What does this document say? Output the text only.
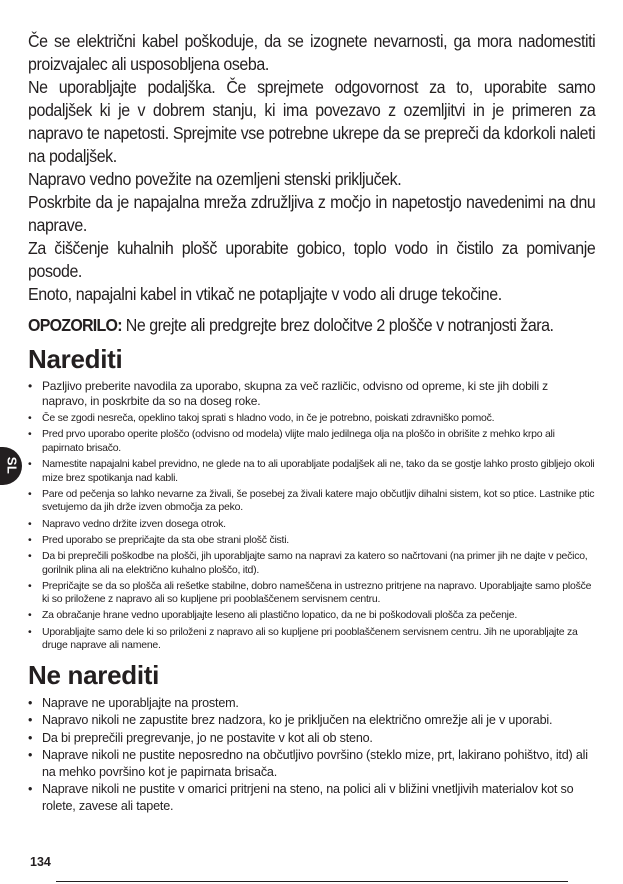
SL

Če se električni kabel poškoduje, da se izognete nevarnosti, ga mora nadomestiti proizvajalec ali usposobljena oseba.

Ne uporabljajte podaljška. Če sprejmete odgovornost za to, uporabite samo podaljšek ki je v dobrem stanju, ki ima povezavo z ozemljitvi in je primeren za napravo te napetosti. Sprejmite vse potrebne ukrepe da se prepreči da kdorkoli naleti na podaljšek.

Napravo vedno povežite na ozemljeni stenski priključek.

Poskrbite da je napajalna mreža združljiva z močjo in napetostjo navedenimi na dnu naprave.

Za čiščenje kuhalnih plošč uporabite gobico, toplo vodo in čistilo za pomivanje posode.

Enoto, napajalni kabel in vtikač ne potapljajte v vodo ali druge tekočine.

OPOZORILO: Ne grejte ali predgrejte brez določitve 2 plošče v notranjosti žara.
Narediti
• Pazljivo preberite navodila za uporabo, skupna za več različic, odvisno od opreme, ki ste jih dobili z napravo, in poskrbite da so na doseg roke.
• Če se zgodi nesreča, opeklino takoj sprati s hladno vodo, in če je potrebno, poiskati zdravniško pomoč.
• Pred prvo uporabo operite ploščo (odvisno od modela) vlijte malo jedilnega olja na ploščo in obrišite z mehko krpo ali papirnato brisačo.
• Namestite napajalni kabel previdno, ne glede na to ali uporabljate podaljšek ali ne, tako da se gostje lahko prosto gibljejo okoli mize brez spotikanja nad kabli.
• Pare od pečenja so lahko nevarne za živali, še posebej za živali katere majo občutljiv dihalni sistem, kot so ptice. Lastnike ptic svetujemo da jih drže izven območja za peko.
• Napravo vedno držite izven dosega otrok.
• Pred uporabo se prepričajte da sta obe strani plošč čisti.
• Da bi preprečili poškodbe na plošči, jih uporabljajte samo na napravi za katero so načrtovani (na primer jih ne dajte v pečico, gorilnik plina ali na električno kuhalno ploščo, itd).
• Prepričajte se da so plošča ali rešetke stabilne, dobro nameščena in ustrezno pritrjene na napravo. Uporabljajte samo plošče ki so priložene z napravo ali so kupljene pri pooblaščenem servisnem centru.
• Za obračanje hrane vedno uporabljajte leseno ali plastično lopatico, da ne bi poškodovali plošča za pečenje.
• Uporabljajte samo dele ki so priloženi z napravo ali so kupljene pri pooblaščenem servisnem centru. Jih ne uporabljajte za druge naprave ali namene.
Ne narediti
• Naprave ne uporabljajte na prostem.
• Napravo nikoli ne zapustite brez nadzora, ko je priključen na električno omrežje ali je v uporabi.
• Da bi preprečili pregrevanje, jo ne postavite v kot ali ob steno.
• Naprave nikoli ne pustite neposredno na občutljivo površino (steklo mize, prt, lakirano pohištvo, itd) ali na mehko površino kot je papirnata brisača.
• Naprave nikoli ne pustite v omarici pritrjeni na steno, na polici ali v bližini vnetljivih materialov kot so rolete, zavese ali tapete.
134
